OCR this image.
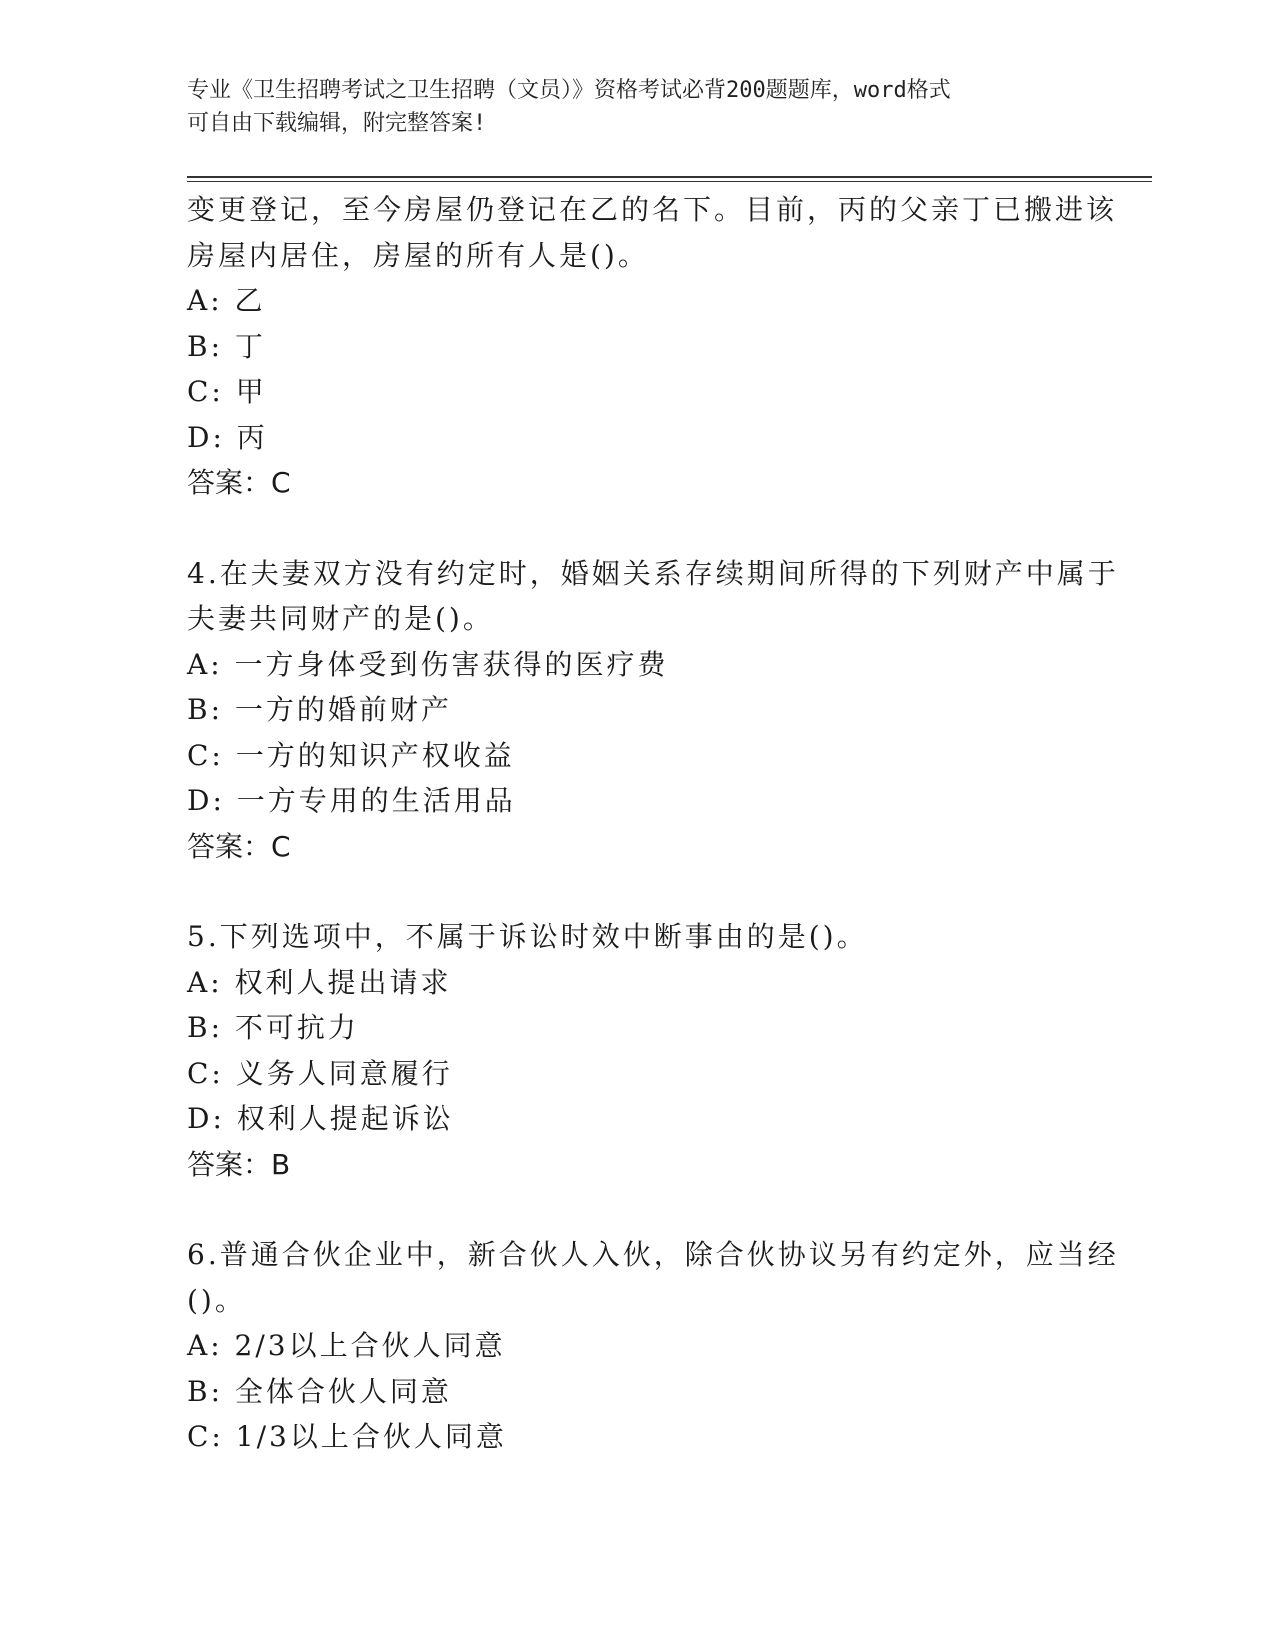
专业《卫生招聘考试之卫生招聘（文员）》资格考试必背200题题库，word格式
可自由下载编辑，附完整答案!
变更登记，至今房屋仍登记在乙的名下。目前，丙的父亲丁已搬进该
房屋内居住，房屋的所有人是()。
A: 乙
B: 丁
C: 甲
D: 丙
答案：C
4.在夫妻双方没有约定时，婚姻关系存续期间所得的下列财产中属于
夫妻共同财产的是()。
A: 一方身体受到伤害获得的医疗费
B: 一方的婚前财产
C: 一方的知识产权收益
D: 一方专用的生活用品
答案：C
5.下列选项中，不属于诉讼时效中断事由的是()。
A: 权利人提出请求
B: 不可抗力
C: 义务人同意履行
D: 权利人提起诉讼
答案：B
6.普通合伙企业中，新合伙人入伙，除合伙协议另有约定外，应当经
()。
A: 2/3以上合伙人同意
B: 全体合伙人同意
C: 1/3以上合伙人同意
